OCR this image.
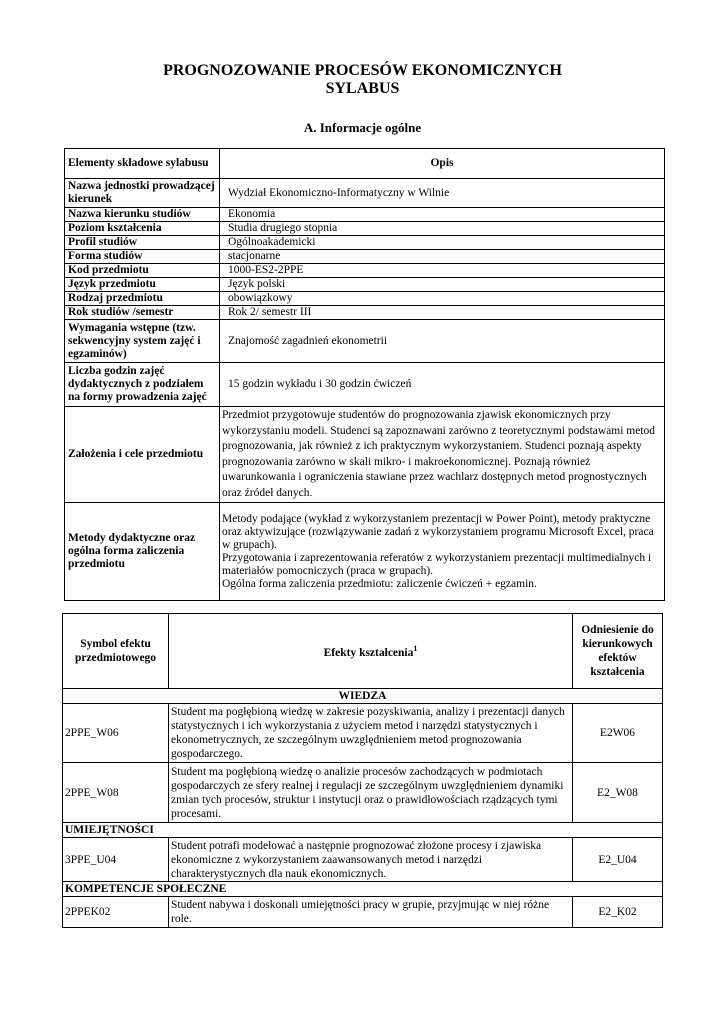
PROGNOZOWANIE PROCESÓW EKONOMICZNYCH
SYLABUS
A. Informacje ogólne
Elementy składowe sylabusu	Opis
Nazwa jednostki prowadzącej kierunek	Wydział Ekonomiczno-Informatyczny w Wilnie
Nazwa kierunku studiów	Ekonomia
Poziom kształcenia	Studia drugiego stopnia
Profil studiów	Ogólnoakademicki
Forma studiów	stacjonarne
Kod przedmiotu	1000-ES2-2PPE
Język przedmiotu	Język polski
Rodzaj przedmiotu	obowiązkowy
Rok studiów /semestr	Rok 2/ semestr III
Wymagania wstępne (tzw. sekwencyjny system zajęć i egzaminów)	Znajomość zagadnień ekonometrii
Liczba godzin zajęć dydaktycznych z podziałem na formy prowadzenia zajęć	15 godzin wykładu i 30 godzin ćwiczeń
Założenia i cele przedmiotu	Przedmiot przygotowuje studentów do prognozowania zjawisk ekonomicznych przy wykorzystaniu modeli. Studenci są zapoznawani zarówno z teoretycznymi podstawami metod prognozowania, jak również z ich praktycznym wykorzystaniem. Studenci poznają aspekty prognozowania zarówno w skali mikro- i makroekonomicznej. Poznają również uwarunkowania i ograniczenia stawiane przez wachlarz dostępnych metod prognostycznych oraz źródeł danych.
Metody dydaktyczne oraz ogólna forma zaliczenia przedmiotu	Metody podające (wykład z wykorzystaniem prezentacji w Power Point), metody praktyczne oraz aktywizujące (rozwiązywanie zadań z wykorzystaniem programu Microsoft Excel, praca w grupach).
Przygotowania i zaprezentowania referatów z wykorzystaniem prezentacji multimedialnych i materiałów pomocniczych (praca w grupach).
Ogólna forma zaliczenia przedmiotu: zaliczenie ćwiczeń + egzamin.
Symbol efektu przedmiotowego	Efekty kształcenia$^1$	Odniesienie do kierunkowych efektów kształcenia
WIEDZA		
2PPE_W06	Student ma pogłębioną wiedzę w zakresie pozyskiwania, analizy i prezentacji danych statystycznych i ich wykorzystania z użyciem metod i narzędzi statystycznych i ekonometrycznych, ze szczególnym uwzględnieniem metod prognozowania gospodarczego.	E2W06
2PPE_W08	Student ma pogłębioną wiedzę o analizie procesów zachodzących w podmiotach gospodarczych ze sfery realnej i regulacji ze szczególnym uwzględnieniem dynamiki zmian tych procesów, struktur i instytucji oraz o prawidłowościach rządzących tymi procesami.	E2_W08
UMIEJĘTNOŚCI		
3PPE_U04	Student potrafi modelować a następnie prognozować złożone procesy i zjawiska ekonomiczne z wykorzystaniem zaawansowanych metod i narzędzi charakterystycznych dla nauk ekonomicznych.	E2_U04
KOMPETENCJE SPOŁECZNE		
2PPEK02	Student nabywa i doskonali umiejętności pracy w grupie, przyjmując w niej różne role.	E2_K02
